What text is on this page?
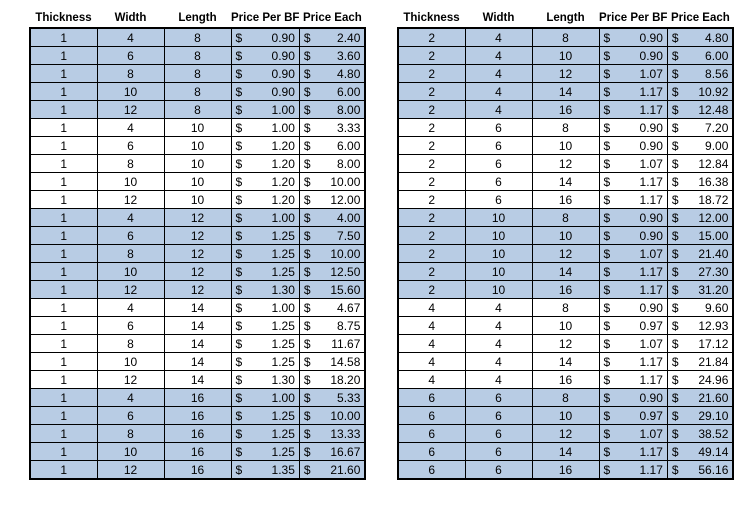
Thickness	Width	Length	Price Per BF	Price Each
1	4	8	$ 0.90	$ 2.40

1	6	8	$ 0.90	$ 3.60

1	8	8	$ 0.90	$ 4.80

1	10	8	$ 0.90	$ 6.00

1	12	8	$ 1.00	$ 8.00

1	4	10	$ 1.00	$ 3.33

1	6	10	$ 1.20	$ 6.00

1	8	10	$ 1.20	$ 8.00

1	10	10	$ 1.20	$ 10.00

1	12	10	$ 1.20	$ 12.00

1	4	12	$ 1.00	$ 4.00

1	6	12	$ 1.25	$ 7.50

1	8	12	$ 1.25	$ 10.00

1	10	12	$ 1.25	$ 12.50

1	12	12	$ 1.30	$ 15.60

1	4	14	$ 1.00	$ 4.67

1	6	14	$ 1.25	$ 8.75

1	8	14	$ 1.25	$ 11.67

1	10	14	$ 1.25	$ 14.58

1	12	14	$ 1.30	$ 18.20

1	4	16	$ 1.00	$ 5.33

1	6	16	$ 1.25	$ 10.00

1	8	16	$ 1.25	$ 13.33

1	10	16	$ 1.25	$ 16.67

1	12	16	$ 1.35	$ 21.60
Thickness	Width	Length	Price Per BF	Price Each
2	4	8	$ 0.90	$ 4.80

2	4	10	$ 0.90	$ 6.00

2	4	12	$ 1.07	$ 8.56

2	4	14	$ 1.17	$ 10.92

2	4	16	$ 1.17	$ 12.48

2	6	8	$ 0.90	$ 7.20

2	6	10	$ 0.90	$ 9.00

2	6	12	$ 1.07	$ 12.84

2	6	14	$ 1.17	$ 16.38

2	6	16	$ 1.17	$ 18.72

2	10	8	$ 0.90	$ 12.00

2	10	10	$ 0.90	$ 15.00

2	10	12	$ 1.07	$ 21.40

2	10	14	$ 1.17	$ 27.30

2	10	16	$ 1.17	$ 31.20

4	4	8	$ 0.90	$ 9.60

4	4	10	$ 0.97	$ 12.93

4	4	12	$ 1.07	$ 17.12

4	4	14	$ 1.17	$ 21.84

4	4	16	$ 1.17	$ 24.96

6	6	8	$ 0.90	$ 21.60

6	6	10	$ 0.97	$ 29.10

6	6	12	$ 1.07	$ 38.52

6	6	14	$ 1.17	$ 49.14

6	6	16	$ 1.17	$ 56.16
